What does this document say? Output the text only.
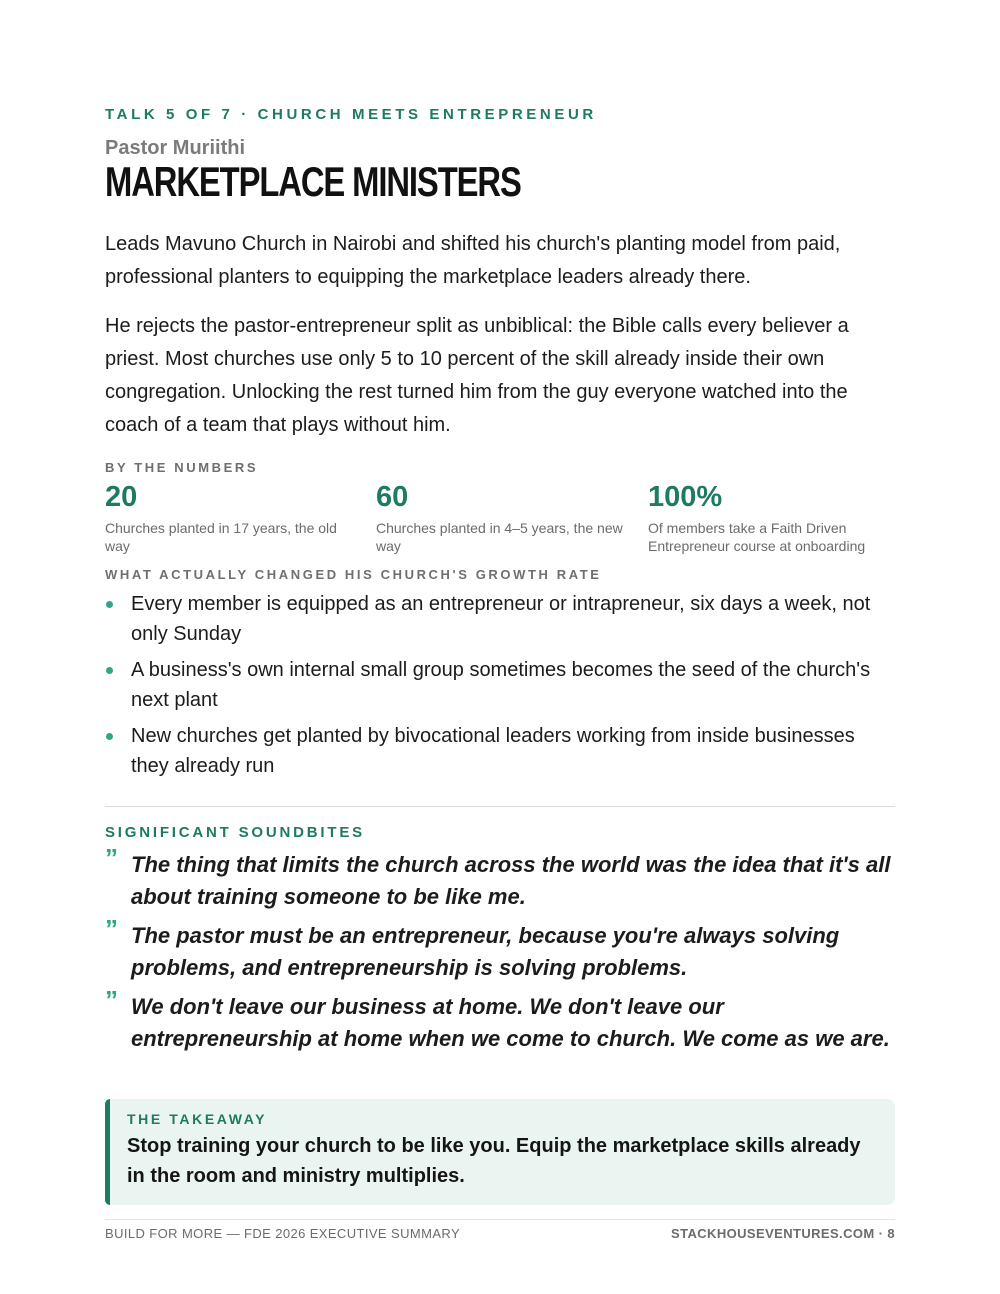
TALK 5 OF 7 · CHURCH MEETS ENTREPRENEUR
Pastor Muriithi
MARKETPLACE MINISTERS

Leads Mavuno Church in Nairobi and shifted his church's planting model from paid, professional planters to equipping the marketplace leaders already there.

He rejects the pastor-entrepreneur split as unbiblical: the Bible calls every believer a priest. Most churches use only 5 to 10 percent of the skill already inside their own congregation. Unlocking the rest turned him from the guy everyone watched into the coach of a team that plays without him.

BY THE NUMBERS
20
Churches planted in 17 years, the old way
60
Churches planted in 4–5 years, the new way
100%
Of members take a Faith Driven Entrepreneur course at onboarding
WHAT ACTUALLY CHANGED HIS CHURCH'S GROWTH RATE
Every member is equipped as an entrepreneur or intrapreneur, six days a week, not only Sunday
A business's own internal small group sometimes becomes the seed of the church's next plant
New churches get planted by bivocational leaders working from inside businesses they already run
SIGNIFICANT SOUNDBITES
” The thing that limits the church across the world was the idea that it's all about training someone to be like me.
” The pastor must be an entrepreneur, because you're always solving problems, and entrepreneurship is solving problems.
” We don't leave our business at home. We don't leave our entrepreneurship at home when we come to church. We come as we are.
THE TAKEAWAY
Stop training your church to be like you. Equip the marketplace skills already in the room and ministry multiplies.
BUILD FOR MORE — FDE 2026 EXECUTIVE SUMMARY	STACKHOUSEVENTURES.COM · 8
